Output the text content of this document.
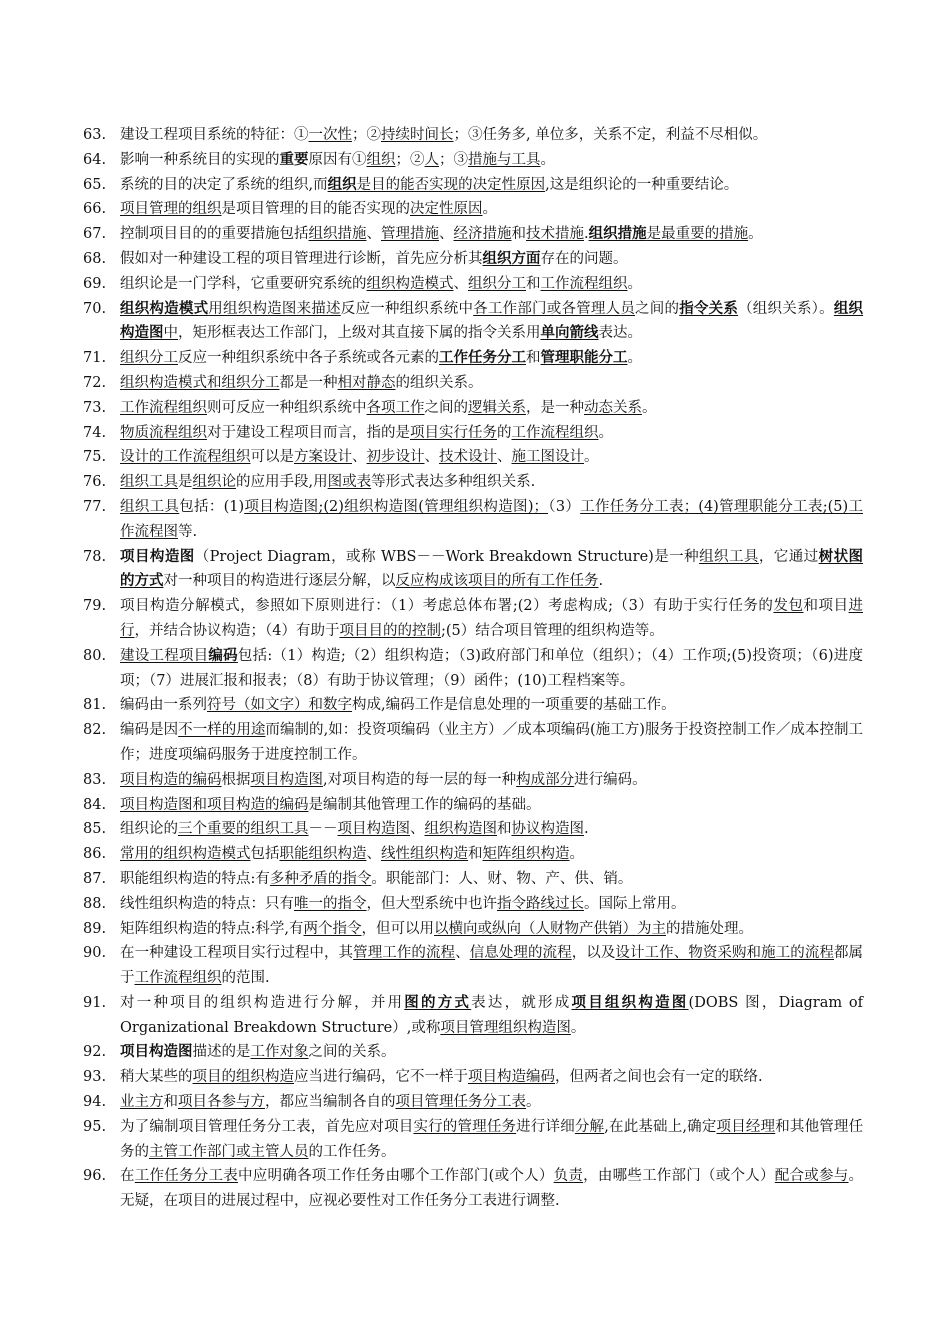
63. 建设工程项目系统的特征：①一次性；②持续时间长；③任务多, 单位多，关系不定，利益不尽相似。
64. 影响一种系统目的实现的重要原因有①组织；②人；③措施与工具。
65. 系统的目的决定了系统的组织,而组织是目的能否实现的决定性原因,这是组织论的一种重要结论。
66. 项目管理的组织是项目管理的目的能否实现的决定性原因。
67. 控制项目目的的重要措施包括组织措施、管理措施、经济措施和技术措施.组织措施是最重要的措施。
68. 假如对一种建设工程的项目管理进行诊断，首先应分析其组织方面存在的问题。
69. 组织论是一门学科，它重要研究系统的组织构造模式、组织分工和工作流程组织。
70. 组织构造模式用组织构造图来描述反应一种组织系统中各工作部门或各管理人员之间的指令关系（组织关系）。组织构造图中，矩形框表达工作部门，上级对其直接下属的指令关系用单向箭线表达。
71. 组织分工反应一种组织系统中各子系统或各元素的工作任务分工和管理职能分工。
72. 组织构造模式和组织分工都是一种相对静态的组织关系。
73. 工作流程组织则可反应一种组织系统中各项工作之间的逻辑关系，是一种动态关系。
74. 物质流程组织对于建设工程项目而言，指的是项目实行任务的工作流程组织。
75. 设计的工作流程组织可以是方案设计、初步设计、技术设计、施工图设计。
76. 组织工具是组织论的应用手段,用图或表等形式表达多种组织关系.
77. 组织工具包括：(1)项目构造图;(2)组织构造图(管理组织构造图)；（3）工作任务分工表；(4)管理职能分工表;(5)工作流程图等.
78. 项目构造图（Project Diagram，或称 WBS－－Work Breakdown Structure)是一种组织工具，它通过树状图的方式对一种项目的构造进行逐层分解，以反应构成该项目的所有工作任务.
79. 项目构造分解模式，参照如下原则进行：（1）考虑总体布署;(2）考虑构成;（3）有助于实行任务的发包和项目进行，并结合协议构造；（4）有助于项目目的的控制;(5）结合项目管理的组织构造等。
80. 建设工程项目编码包括:（1）构造;（2）组织构造；（3)政府部门和单位（组织）；（4）工作项;(5)投资项；（6)进度项；（7）进展汇报和报表；（8）有助于协议管理；（9）函件；(10)工程档案等。
81. 编码由一系列符号（如文字）和数字构成,编码工作是信息处理的一项重要的基础工作。
82. 编码是因不一样的用途而编制的,如：投资项编码（业主方）／成本项编码(施工方)服务于投资控制工作／成本控制工作；进度项编码服务于进度控制工作。
83. 项目构造的编码根据项目构造图,对项目构造的每一层的每一种构成部分进行编码。
84. 项目构造图和项目构造的编码是编制其他管理工作的编码的基础。
85. 组织论的三个重要的组织工具－－项目构造图、组织构造图和协议构造图.
86. 常用的组织构造模式包括职能组织构造、线性组织构造和矩阵组织构造。
87. 职能组织构造的特点:有多种矛盾的指令。职能部门：人、财、物、产、供、销。
88. 线性组织构造的特点：只有唯一的指令，但大型系统中也许指令路线过长。国际上常用。
89. 矩阵组织构造的特点:科学,有两个指令，但可以用以横向或纵向（人财物产供销）为主的措施处理。
90. 在一种建设工程项目实行过程中，其管理工作的流程、信息处理的流程，以及设计工作、物资采购和施工的流程都属于工作流程组织的范围.
91. 对一种项目的组织构造进行分解，并用图的方式表达，就形成项目组织构造图(DOBS 图，Diagram of Organizational Breakdown Structure）,或称项目管理组织构造图。
92. 项目构造图描述的是工作对象之间的关系。
93. 稍大某些的项目的组织构造应当进行编码，它不一样于项目构造编码，但两者之间也会有一定的联络.
94. 业主方和项目各参与方，都应当编制各自的项目管理任务分工表。
95. 为了编制项目管理任务分工表，首先应对项目实行的管理任务进行详细分解,在此基础上,确定项目经理和其他管理任务的主管工作部门或主管人员的工作任务。
96. 在工作任务分工表中应明确各项工作任务由哪个工作部门(或个人）负责，由哪些工作部门（或个人）配合或参与。无疑，在项目的进展过程中，应视必要性对工作任务分工表进行调整.
